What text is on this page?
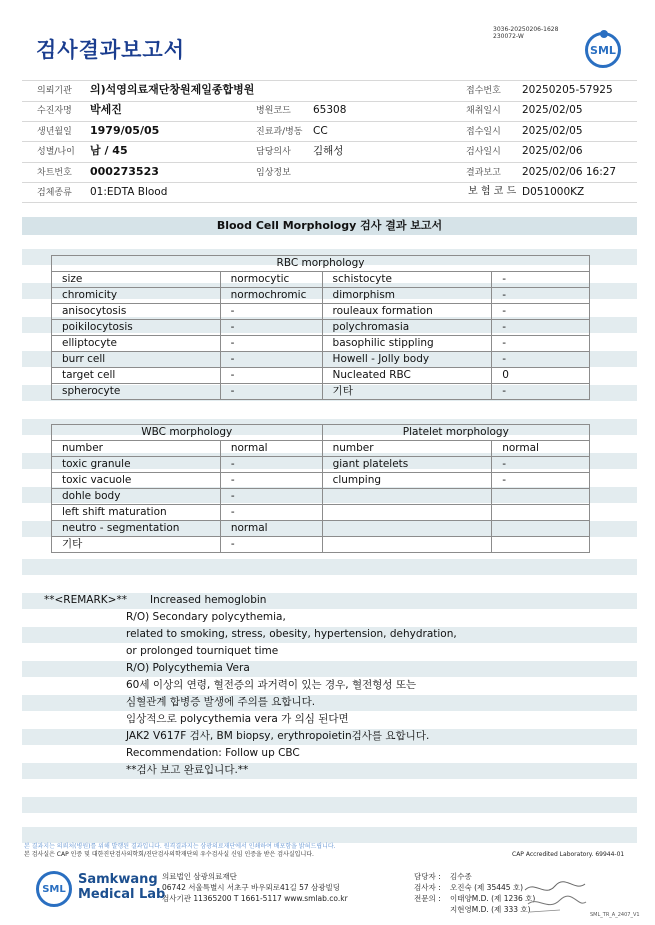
검사결과보고서
3036-20250206-1628
230072-W
SML
의뢰기관 의)석영의료재단창원제일종합병원	접수번호 20250205-57925
수진자명 박세진	병원코드 65308	채취일시 2025/02/05
생년월일 1979/05/05	진료과/병동 CC	접수일시 2025/02/05
성별/나이 남 / 45	담당의사 김해성	검사일시 2025/02/06
차트번호 000273523	임상정보	결과보고 2025/02/06 16:27
검체종류 01:EDTA Blood	보 험 코 드 D051000KZ
Blood Cell Morphology 검사 결과 보고서
RBC morphology			
size	normocytic	schistocyte	-
chromicity	normochromic	dimorphism	-
anisocytosis	-	rouleaux formation	-
poikilocytosis	-	polychromasia	-
elliptocyte	-	basophilic stippling	-
burr cell	-	Howell - Jolly body	-
target cell	-	Nucleated RBC	0
spherocyte	-	기타	-
WBC morphology		Platelet morphology	
number	normal	number	normal
toxic granule	-	giant platelets	-
toxic vacuole	-	clumping	-
dohle body	-		
left shift maturation	-		
neutro - segmentation	normal		
기타	-		
**<REMARK>** Increased hemoglobin
R/O) Secondary polycythemia,
related to smoking, stress, obesity, hypertension, dehydration,
or prolonged tourniquet time
R/O) Polycythemia Vera
60세 이상의 연령, 혈전증의 과거력이 있는 경우, 혈전형성 또는
심혈관계 합병증 발생에 주의를 요합니다.
임상적으로 polycythemia vera 가 의심 된다면
JAK2 V617F 검사, BM biopsy, erythropoietin검사를 요합니다.
Recommendation: Follow up CBC
**검사 보고 완료입니다.**
본 결과지는 의뢰처(병원)를 위해 발행된 결과입니다. 원격결과지는 삼광의료재단에서 인쇄하여 배포함을 밝혀드립니다.
본 검사실은 CAP 인증 및 대한진단검사의학회/진단검사의학재단의 우수검사실 신임 인증을 받은 검사실입니다.	CAP Accredited Laboratory. 69944-01
SML
Samkwang
Medical Lab
의료법인 삼광의료재단
06742 서울특별시 서초구 바우뫼로41길 57 삼광빌딩
검사기관 11365200 T 1661-5117 www.smlab.co.kr
담당자 : 김수종
검사자 : 오진숙 (제 35445 호)
전문의 : 이태양M.D. (제 1236 호)
지현영M.D. (제 333 호)
SML_TR_A_2407_V1
